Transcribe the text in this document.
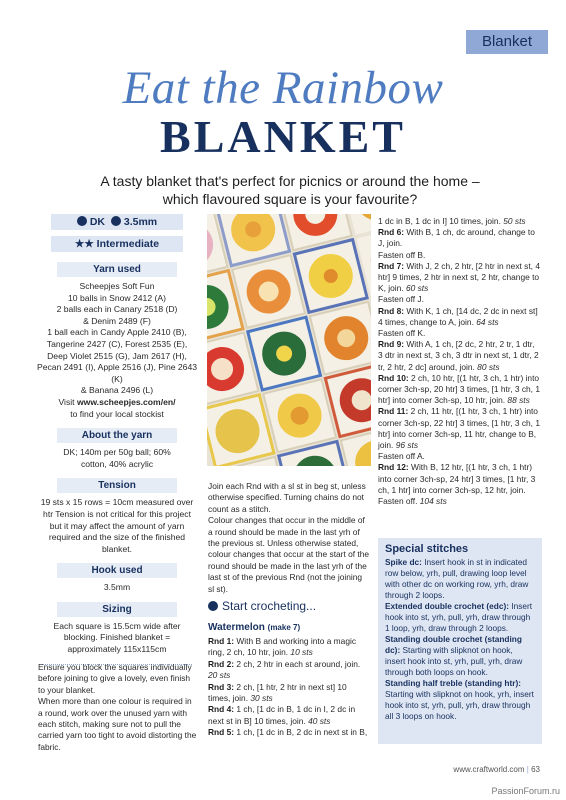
Blanket
Eat the Rainbow
BLANKET
A tasty blanket that's perfect for picnics or around the home – which flavoured square is your favourite?
DK 3.5mm
★★ Intermediate
Yarn used
Scheepjes Soft Fun
10 balls in Snow 2412 (A)
2 balls each in Canary 2518 (D)
& Denim 2489 (F)
1 ball each in Candy Apple 2410 (B),
Tangerine 2427 (C), Forest 2535 (E),
Deep Violet 2515 (G), Jam 2617 (H),
Pecan 2491 (I), Apple 2516 (J), Pine 2643 (K)
& Banana 2496 (L)
Visit www.scheepjes.com/en/
to find your local stockist
About the yarn
DK; 140m per 50g ball; 60% cotton, 40% acrylic
Tension
19 sts x 15 rows = 10cm measured over htr Tension is not critical for this project but it may affect the amount of yarn required and the size of the finished blanket.
Hook used
3.5mm
Sizing
Each square is 15.5cm wide after blocking. Finished blanket = approximately 115x115cm

Ensure you block the squares individually before joining to give a lovely, even finish to your blanket.

When more than one colour is required in a round, work over the unused yarn with each stitch, making sure not to pull the carried yarn too tight to avoid distorting the fabric.

Join each Rnd with a sl st in beg st, unless otherwise specified. Turning chains do not count as a stitch.

Colour changes that occur in the middle of a round should be made in the last yrh of the previous st. Unless otherwise stated, colour changes that occur at the start of the round should be made in the last yrh of the last st of the previous Rnd (not the joining sl st).

Start crocheting...
Watermelon (make 7)
Rnd 1: With B and working into a magic ring, 2 ch, 10 htr, join. 10 sts
Rnd 2: 2 ch, 2 htr in each st around, join. 20 sts
Rnd 3: 2 ch, [1 htr, 2 htr in next st] 10 times, join. 30 sts
Rnd 4: 1 ch, [1 dc in B, 1 dc in I, 2 dc in next st in B] 10 times, join. 40 sts
Rnd 5: 1 ch, [1 dc in B, 2 dc in next st in B,

1 dc in B, 1 dc in I] 10 times, join. 50 sts

Rnd 6: With B, 1 ch, dc around, change to J, join.

Fasten off B.

Rnd 7: With J, 2 ch, 2 htr, [2 htr in next st, 4 htr] 9 times, 2 htr in next st, 2 htr, change to K, join. 60 sts

Fasten off J.

Rnd 8: With K, 1 ch, [14 dc, 2 dc in next st] 4 times, change to A, join. 64 sts

Fasten off K.

Rnd 9: With A, 1 ch, [2 dc, 2 htr, 2 tr, 1 dtr, 3 dtr in next st, 3 ch, 3 dtr in next st, 1 dtr, 2 tr, 2 htr, 2 dc] around, join. 80 sts

Rnd 10: 2 ch, 10 htr, [(1 htr, 3 ch, 1 htr) into corner 3ch-sp, 20 htr] 3 times, [1 htr, 3 ch, 1 htr] into corner 3ch-sp, 10 htr, join. 88 sts

Rnd 11: 2 ch, 11 htr, [(1 htr, 3 ch, 1 htr) into corner 3ch-sp, 22 htr] 3 times, [1 htr, 3 ch, 1 htr] into corner 3ch-sp, 11 htr, change to B, join. 96 sts

Fasten off A.

Rnd 12: With B, 12 htr, [(1 htr, 3 ch, 1 htr) into corner 3ch-sp, 24 htr] 3 times, [1 htr, 3 ch, 1 htr] into corner 3ch-sp, 12 htr, join. Fasten off. 104 sts

Special stitches

Spike dc: Insert hook in st in indicated row below, yrh, pull, drawing loop level with other dc on working row, yrh, draw through 2 loops.

Extended double crochet (edc): Insert hook into st, yrh, pull, yrh, draw through 1 loop, yrh, draw through 2 loops.

Standing double crochet (standing dc): Starting with slipknot on hook, insert hook into st, yrh, pull, yrh, draw through both loops on hook.

Standing half treble (standing htr): Starting with slipknot on hook, yrh, insert hook into st, yrh, pull, yrh, draw through all 3 loops on hook.

www.craftworld.com | 63
PassionForum.ru
